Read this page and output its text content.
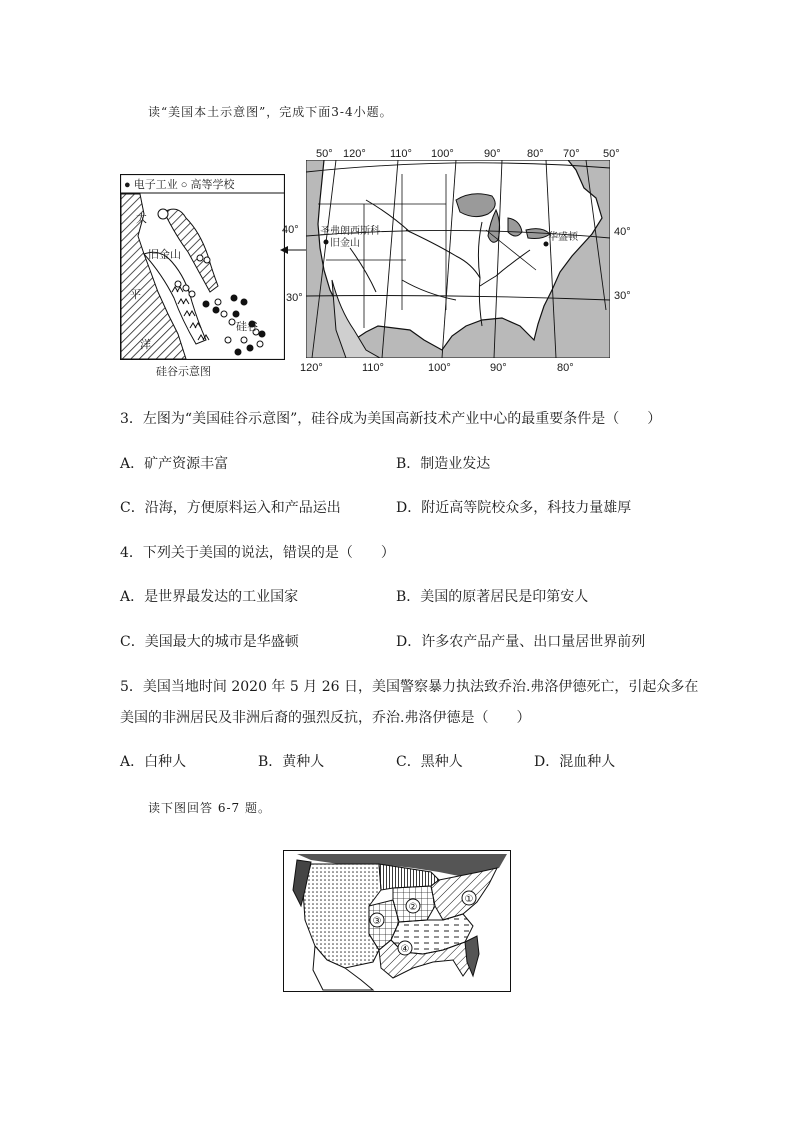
读“美国本土示意图”，完成下面3-4小题。
● 电子工业 ○ 高等学校
太
平
洋
旧金山
硅谷
硅谷示意图
50° 120° 110° 100°	90° 80° 70° 50°
120°	110°	100°	90°	80°
40°
30°
40°
30°
圣弗朗西斯科
旧金山
华盛顿
3．左图为“美国硅谷示意图”，硅谷成为美国高新技术产业中心的最重要条件是（　　）
A．矿产资源丰富	B．制造业发达
C．沿海，方便原料运入和产品运出	D．附近高等院校众多，科技力量雄厚
4．下列关于美国的说法，错误的是（　　）
A．是世界最发达的工业国家	B．美国的原著居民是印第安人
C．美国最大的城市是华盛顿	D．许多农产品产量、出口量居世界前列
5．美国当地时间 2020 年 5 月 26 日，美国警察暴力执法致乔治.弗洛伊德死亡，引起众多在
美国的非洲居民及非洲后裔的强烈反抗，乔治.弗洛伊德是（　　）
A．白种人	B．黄种人	C．黑种人	D．混血种人
读下图回答 6-7 题。
①
②
③
④
